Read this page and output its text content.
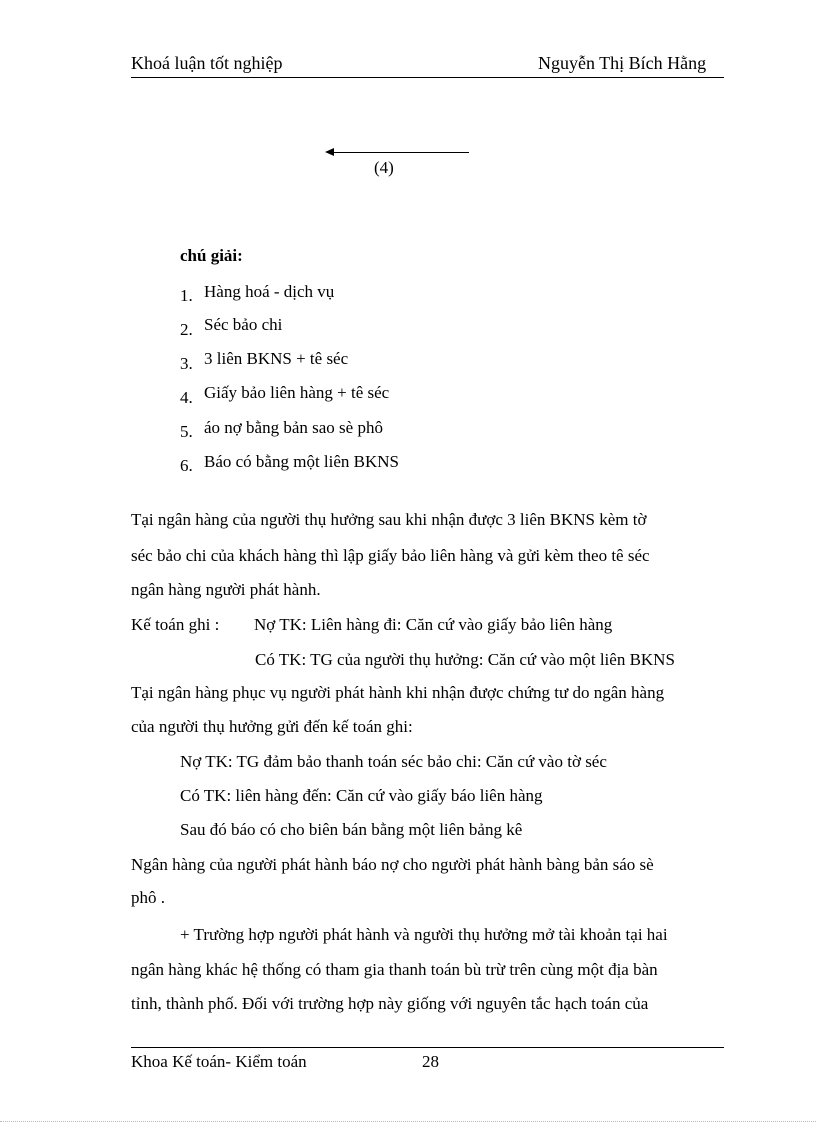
Khoá luận tốt nghiệp	Nguyễn Thị Bích Hằng
(4)
chú giải:
1. Hàng hoá - dịch vụ
2. Séc bảo chi
3. 3 liên BKNS + tê séc
4. Giấy bảo liên hàng + tê séc
5. áo nợ bằng bản sao sè phô
6. Báo có bằng một liên BKNS
Tại ngân hàng của người thụ hưởng sau khi nhận được 3 liên BKNS kèm tờ
séc bảo chi của khách hàng thì lập giấy bảo liên hàng và gửi kèm theo tê séc
ngân hàng người phát hành.
Kế toán ghi : Nợ TK: Liên hàng đi: Căn cứ vào giấy bảo liên hàng
Có TK: TG của người thụ hưởng: Căn cứ vào một liên BKNS
Tại ngân hàng phục vụ người phát hành khi nhận được chứng tư do ngân hàng
của người thụ hưởng gửi đến kế toán ghi:
Nợ TK: TG đảm bảo thanh toán séc bảo chi: Căn cứ vào tờ séc
Có TK: liên hàng đến: Căn cứ vào giấy báo liên hàng
Sau đó báo có cho biên bán bằng một liên bảng kê
Ngân hàng của người phát hành báo nợ cho người phát hành bàng bản sáo sè
phô .
+ Trường hợp người phát hành và người thụ hưởng mở tài khoản tại hai
ngân hàng khác hệ thống có tham gia thanh toán bù trừ trên cùng một địa bàn
tỉnh, thành phố. Đối với trường hợp này giống với nguyên tắc hạch toán của
Khoa Kế toán- Kiểm toán	28
